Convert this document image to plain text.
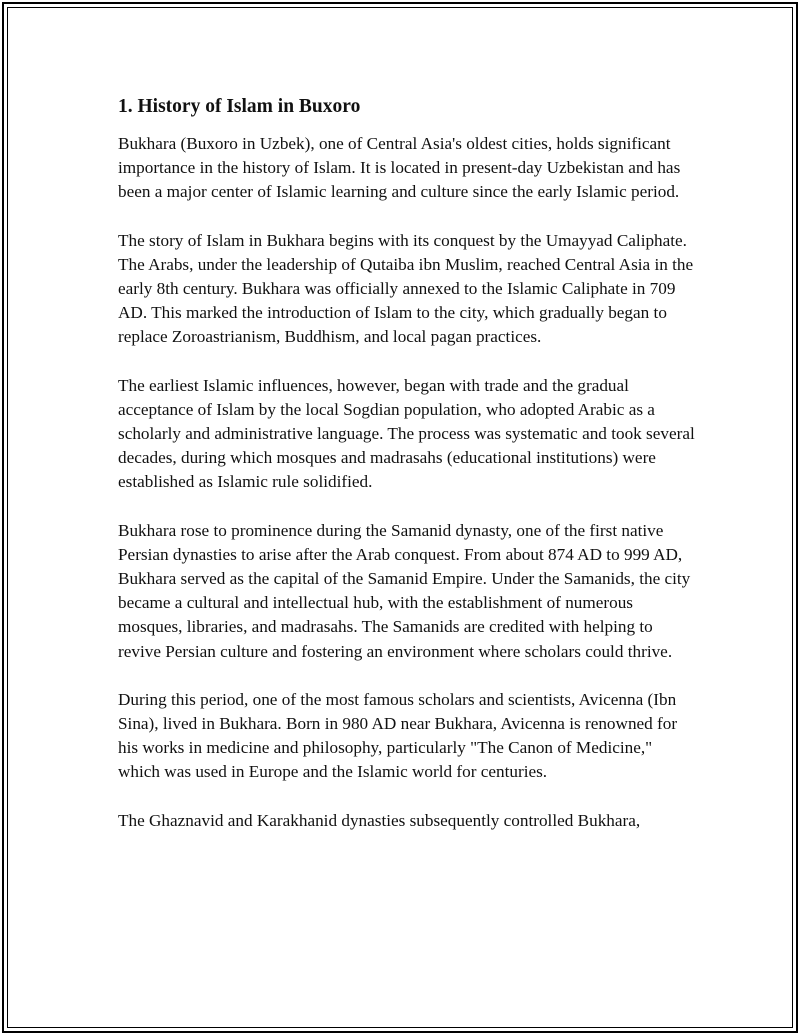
1. History of Islam in Buxoro

Bukhara (Buxoro in Uzbek), one of Central Asia's oldest cities, holds significant importance in the history of Islam. It is located in present-day Uzbekistan and has been a major center of Islamic learning and culture since the early Islamic period.

The story of Islam in Bukhara begins with its conquest by the Umayyad Caliphate. The Arabs, under the leadership of Qutaiba ibn Muslim, reached Central Asia in the early 8th century. Bukhara was officially annexed to the Islamic Caliphate in 709 AD. This marked the introduction of Islam to the city, which gradually began to replace Zoroastrianism, Buddhism, and local pagan practices.

The earliest Islamic influences, however, began with trade and the gradual acceptance of Islam by the local Sogdian population, who adopted Arabic as a scholarly and administrative language. The process was systematic and took several decades, during which mosques and madrasahs (educational institutions) were established as Islamic rule solidified.

Bukhara rose to prominence during the Samanid dynasty, one of the first native Persian dynasties to arise after the Arab conquest. From about 874 AD to 999 AD, Bukhara served as the capital of the Samanid Empire. Under the Samanids, the city became a cultural and intellectual hub, with the establishment of numerous mosques, libraries, and madrasahs. The Samanids are credited with helping to revive Persian culture and fostering an environment where scholars could thrive.

During this period, one of the most famous scholars and scientists, Avicenna (Ibn Sina), lived in Bukhara. Born in 980 AD near Bukhara, Avicenna is renowned for his works in medicine and philosophy, particularly "The Canon of Medicine," which was used in Europe and the Islamic world for centuries.

The Ghaznavid and Karakhanid dynasties subsequently controlled Bukhara,
